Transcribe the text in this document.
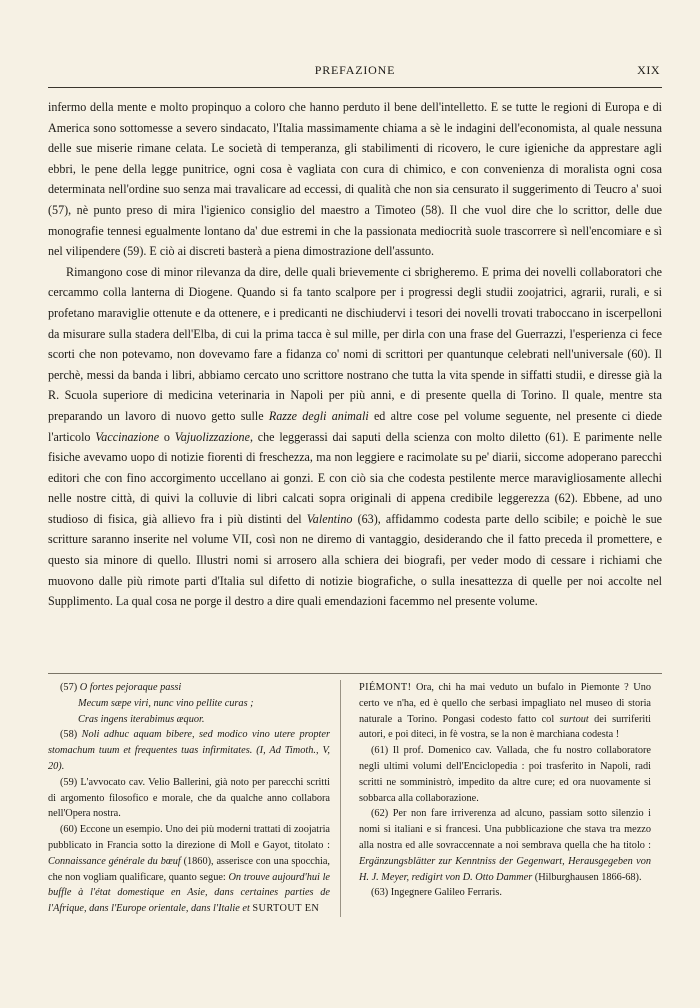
PREFAZIONE	XIX

infermo della mente e molto propinquo a coloro che hanno perduto il bene dell'intelletto. E se tutte le regioni di Europa e di America sono sottomesse a severo sindacato, l'Italia massimamente chiama a sè le indagini dell'economista, al quale nessuna delle sue miserie rimane celata. Le società di temperanza, gli stabilimenti di ricovero, le cure igieniche da apprestare agli ebbri, le pene della legge punitrice, ogni cosa è vagliata con cura di chimico, e con convenienza di moralista ogni cosa determinata nell'ordine suo senza mai travalicare ad eccessi, di qualità che non sia censurato il suggerimento di Teucro a' suoi (57), nè punto preso di mira l'igienico consiglio del maestro a Timoteo (58). Il che vuol dire che lo scrittor, delle due monografie tennesi egualmente lontano da' due estremi in che la passionata mediocrità suole trascorrere sì nell'encomiare e sì nel vilipendere (59). E ciò ai discreti basterà a piena dimostrazione dell'assunto.

Rimangono cose di minor rilevanza da dire, delle quali brievemente ci sbrigheremo. E prima dei novelli collaboratori che cercammo colla lanterna di Diogene. Quando si fa tanto scalpore per i progressi degli studii zoojatrici, agrarii, rurali, e si profetano maraviglie ottenute e da ottenere, e i predicanti ne dischiudervi i tesori dei novelli trovati traboccano in iscerpelloni da misurare sulla stadera dell'Elba, di cui la prima tacca è sul mille, per dirla con una frase del Guerrazzi, l'esperienza ci fece scorti che non potevamo, non dovevamo fare a fidanza co' nomi di scrittori per quantunque celebrati nell'universale (60). Il perchè, messi da banda i libri, abbiamo cercato uno scrittore nostrano che tutta la vita spende in siffatti studii, e diresse già la R. Scuola superiore di medicina veterinaria in Napoli per più anni, e di presente quella di Torino. Il quale, mentre sta preparando un lavoro di nuovo getto sulle Razze degli animali ed altre cose pel volume seguente, nel presente ci diede l'articolo Vaccinazione o Vajuolizzazione, che leggerassi dai saputi della scienza con molto diletto (61). E parimente nelle fisiche avevamo uopo di notizie fiorenti di freschezza, ma non leggiere e racimolate su pe' diarii, siccome adoperano parecchi editori che con fino accorgimento uccellano ai gonzi. E con ciò sia che codesta pestilente merce maravigliosamente allechi nelle nostre città, di quivi la colluvie di libri calcati sopra originali di appena credibile leggerezza (62). Ebbene, ad uno studioso di fisica, già allievo fra i più distinti del Valentino (63), affidammo codesta parte dello scibile; e poichè le sue scritture saranno inserite nel volume VII, così non ne diremo di vantaggio, desiderando che il fatto preceda il promettere, e questo sia minore di quello. Illustri nomi si arrosero alla schiera dei biografi, per veder modo di cessare i richiami che muovono dalle più rimote parti d'Italia sul difetto di notizie biografiche, o sulla inesattezza di quelle per noi accolte nel Supplimento. La qual cosa ne porge il destro a dire quali emendazioni facemmo nel presente volume.

(57) O fortes pejoraque passi

Mecum sæpe viri, nunc vino pellite curas ;

Cras ingens iterabimus æquor.

(58) Noli adhuc aquam bibere, sed modico vino utere propter stomachum tuum et frequentes tuas infirmitates. (I, Ad Timoth., V, 20).

(59) L'avvocato cav. Velio Ballerini, già noto per parecchi scritti di argomento filosofico e morale, che da qualche anno collabora nell'Opera nostra.

(60) Eccone un esempio. Uno dei più moderni trattati di zoojatria pubblicato in Francia sotto la direzione di Moll e Gayot, titolato : Connaissance générale du bœuf (1860), asserisce con una spocchia, che non vogliam qualificare, quanto segue: On trouve aujourd'hui le buffle à l'état domestique en Asie, dans certaines parties de l'Afrique, dans l'Europe orientale, dans l'Italie et SURTOUT EN

PIÉMONT! Ora, chi ha mai veduto un bufalo in Piemonte ? Uno certo ve n'ha, ed è quello che serbasi impagliato nel museo di storia naturale a Torino. Pongasi codesto fatto col surtout dei surriferiti autori, e poi diteci, in fè vostra, se la non è marchiana codesta !

(61) Il prof. Domenico cav. Vallada, che fu nostro collaboratore negli ultimi volumi dell'Enciclopedia : poi trasferito in Napoli, radi scritti ne somministrò, impedito da altre cure; ed ora nuovamente si sobbarca alla collaborazione.

(62) Per non fare irriverenza ad alcuno, passiam sotto silenzio i nomi si italiani e si francesi. Una pubblicazione che stava tra mezzo alla nostra ed alle sovraccennate a noi sembrava quella che ha titolo : Ergänzungsblätter zur Kenntniss der Gegenwart, Herausgegeben von H. J. Meyer, redigirt von D. Otto Dammer (Hilburghausen 1866-68).

(63) Ingegnere Galileo Ferraris.
